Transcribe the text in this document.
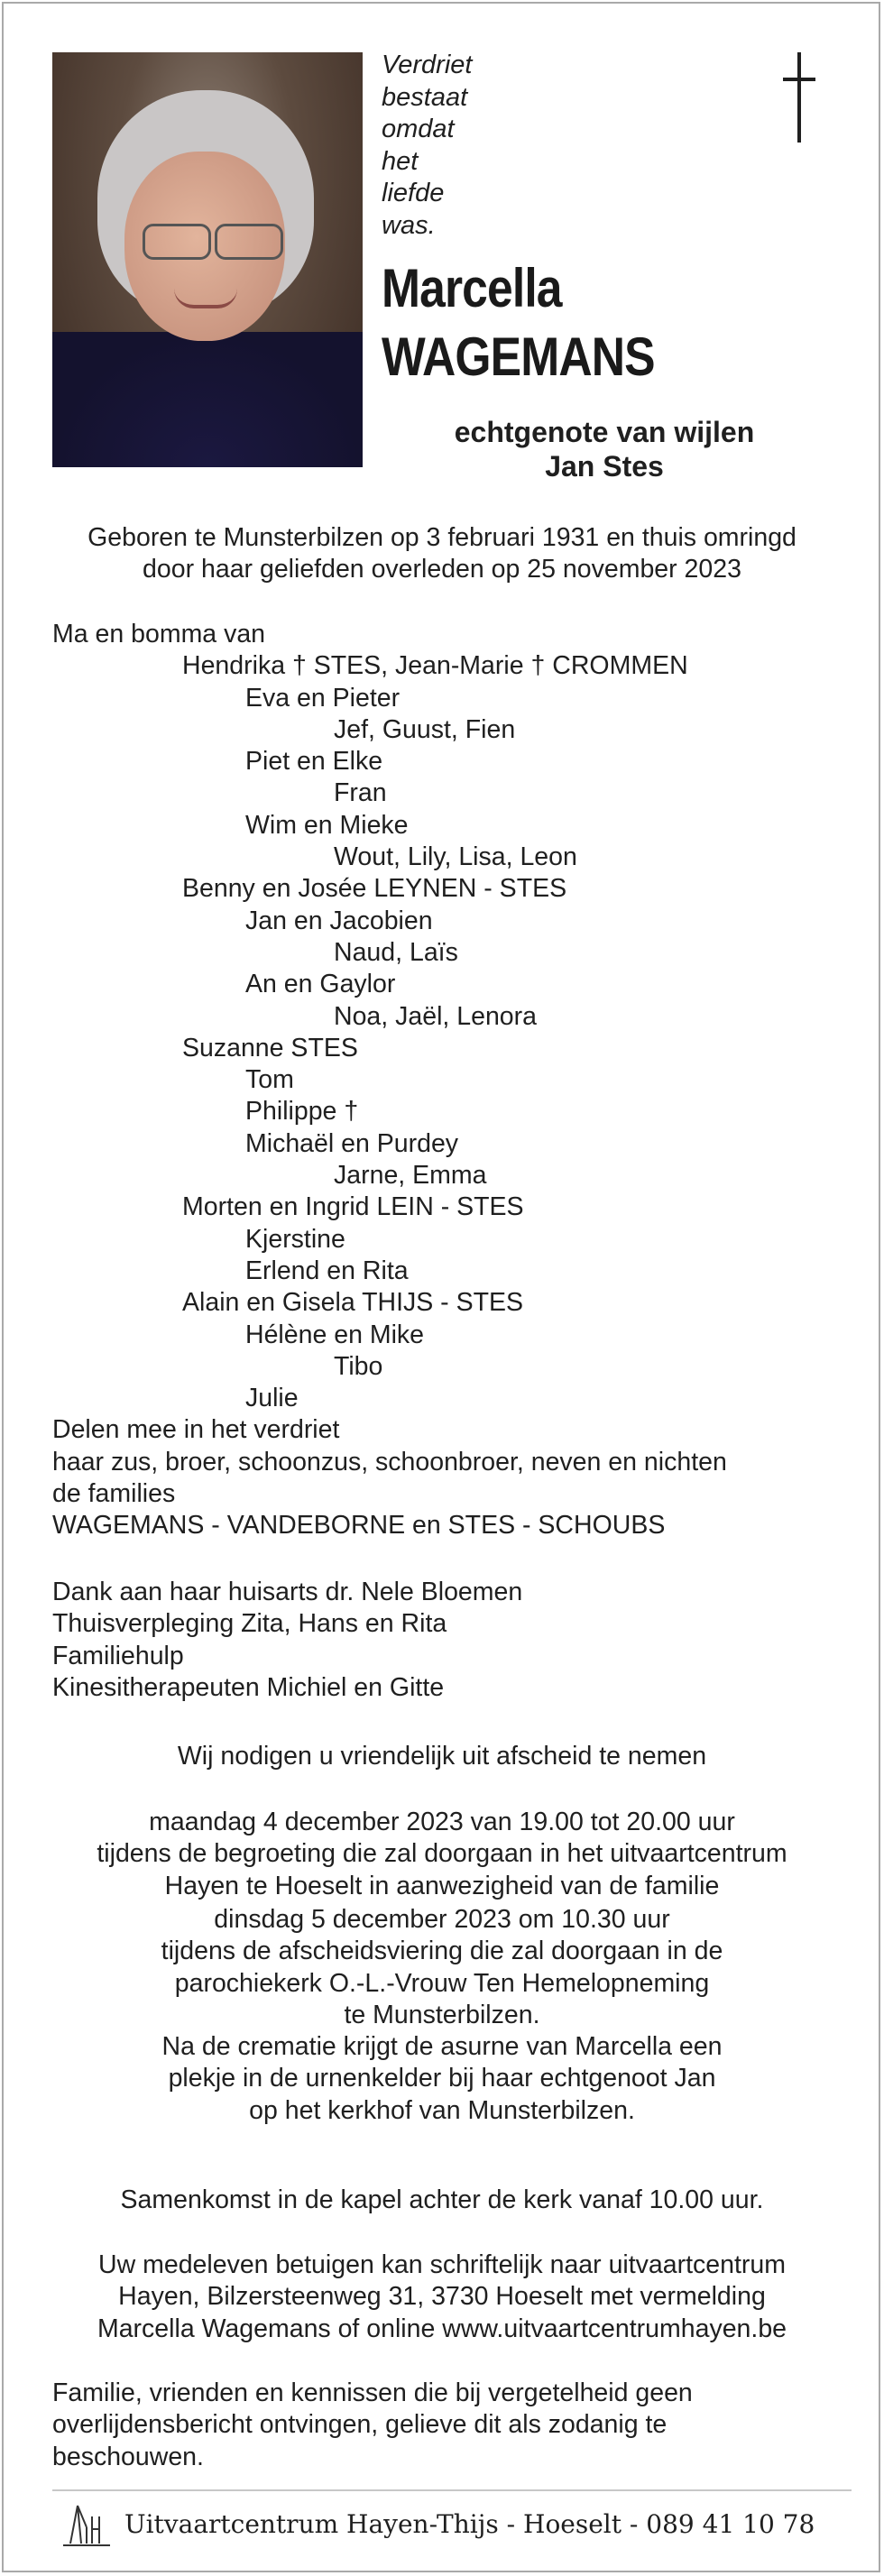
Verdriet
bestaat
omdat
het
liefde
was.
Marcella
WAGEMANS
echtgenote van wijlen
Jan Stes
Geboren te Munsterbilzen op 3 februari 1931 en thuis omringd
door haar geliefden overleden op 25 november 2023
Ma en bomma van
Hendrika † STES, Jean-Marie † CROMMEN
Eva en Pieter
Jef, Guust, Fien
Piet en Elke
Fran
Wim en Mieke
Wout, Lily, Lisa, Leon
Benny en Josée LEYNEN - STES
Jan en Jacobien
Naud, Laïs
An en Gaylor
Noa, Jaël, Lenora
Suzanne STES
Tom
Philippe †
Michaël en Purdey
Jarne, Emma
Morten en Ingrid LEIN - STES
Kjerstine
Erlend en Rita
Alain en Gisela THIJS - STES
Hélène en Mike
Tibo
Julie
Delen mee in het verdriet
haar zus, broer, schoonzus, schoonbroer, neven en nichten
de families
WAGEMANS - VANDEBORNE en STES - SCHOUBS
Dank aan haar huisarts dr. Nele Bloemen
Thuisverpleging Zita, Hans en Rita
Familiehulp
Kinesitherapeuten Michiel en Gitte
Wij nodigen u vriendelijk uit afscheid te nemen
maandag 4 december 2023 van 19.00 tot 20.00 uur
tijdens de begroeting die zal doorgaan in het uitvaartcentrum
Hayen te Hoeselt in aanwezigheid van de familie
dinsdag 5 december 2023 om 10.30 uur
tijdens de afscheidsviering die zal doorgaan in de
parochiekerk O.-L.-Vrouw Ten Hemelopneming
te Munsterbilzen.
Na de crematie krijgt de asurne van Marcella een
plekje in de urnenkelder bij haar echtgenoot Jan
op het kerkhof van Munsterbilzen.
Samenkomst in de kapel achter de kerk vanaf 10.00 uur.
Uw medeleven betuigen kan schriftelijk naar uitvaartcentrum
Hayen, Bilzersteenweg 31, 3730 Hoeselt met vermelding
Marcella Wagemans of online www.uitvaartcentrumhayen.be
Familie, vrienden en kennissen die bij vergetelheid geen
overlijdensbericht ontvingen, gelieve dit als zodanig te
beschouwen.
Uitvaartcentrum Hayen-Thijs - Hoeselt - 089 41 10 78
